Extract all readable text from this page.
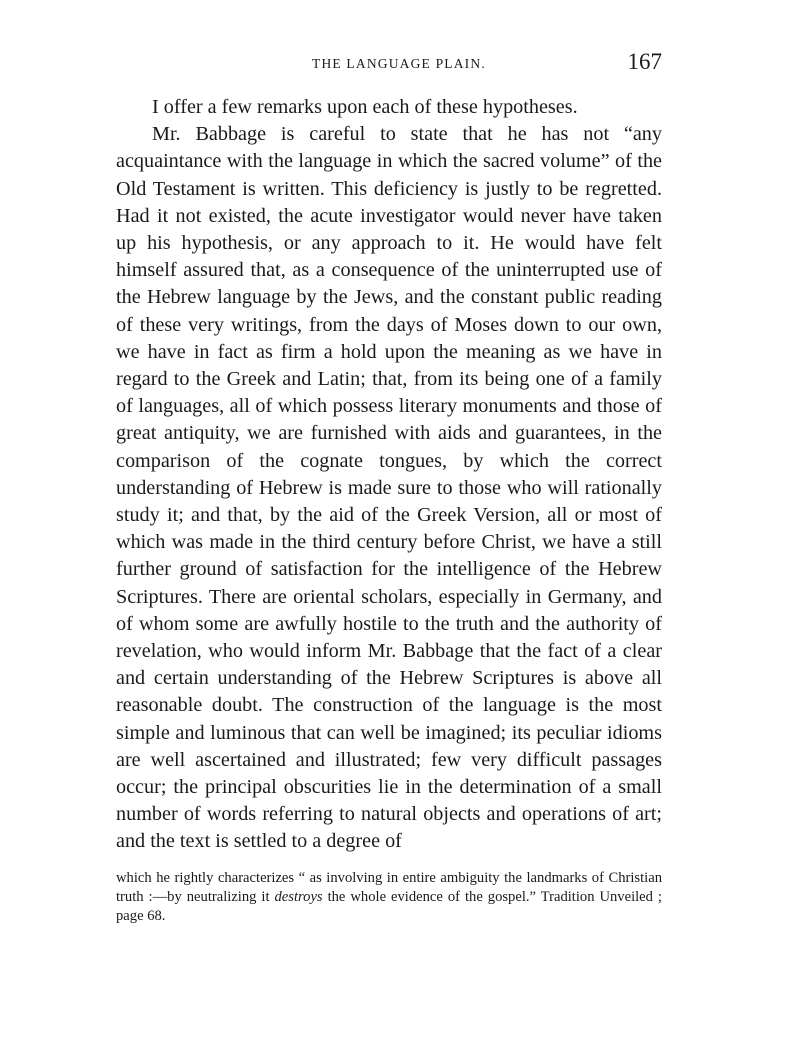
THE LANGUAGE PLAIN.	167

I offer a few remarks upon each of these hypotheses.

Mr. Babbage is careful to state that he has not “any acquaintance with the language in which the sacred volume” of the Old Testament is written. This deficiency is justly to be regretted. Had it not existed, the acute investigator would never have taken up his hypothesis, or any approach to it. He would have felt himself assured that, as a consequence of the uninterrupted use of the Hebrew language by the Jews, and the constant public reading of these very writings, from the days of Moses down to our own, we have in fact as firm a hold upon the meaning as we have in regard to the Greek and Latin; that, from its being one of a family of languages, all of which possess literary monuments and those of great antiquity, we are furnished with aids and guarantees, in the comparison of the cognate tongues, by which the correct understanding of Hebrew is made sure to those who will rationally study it; and that, by the aid of the Greek Version, all or most of which was made in the third century before Christ, we have a still further ground of satisfaction for the intelligence of the Hebrew Scriptures. There are oriental scholars, especially in Germany, and of whom some are awfully hostile to the truth and the authority of revelation, who would inform Mr. Babbage that the fact of a clear and certain understanding of the Hebrew Scriptures is above all reasonable doubt. The construction of the language is the most simple and luminous that can well be imagined; its peculiar idioms are well ascertained and illustrated; few very difficult passages occur; the principal obscurities lie in the determination of a small number of words referring to natural objects and operations of art; and the text is settled to a degree of

which he rightly characterizes “ as involving in entire ambiguity the landmarks of Christian truth :—by neutralizing it destroys the whole evidence of the gospel.” Tradition Unveiled ; page 68.
